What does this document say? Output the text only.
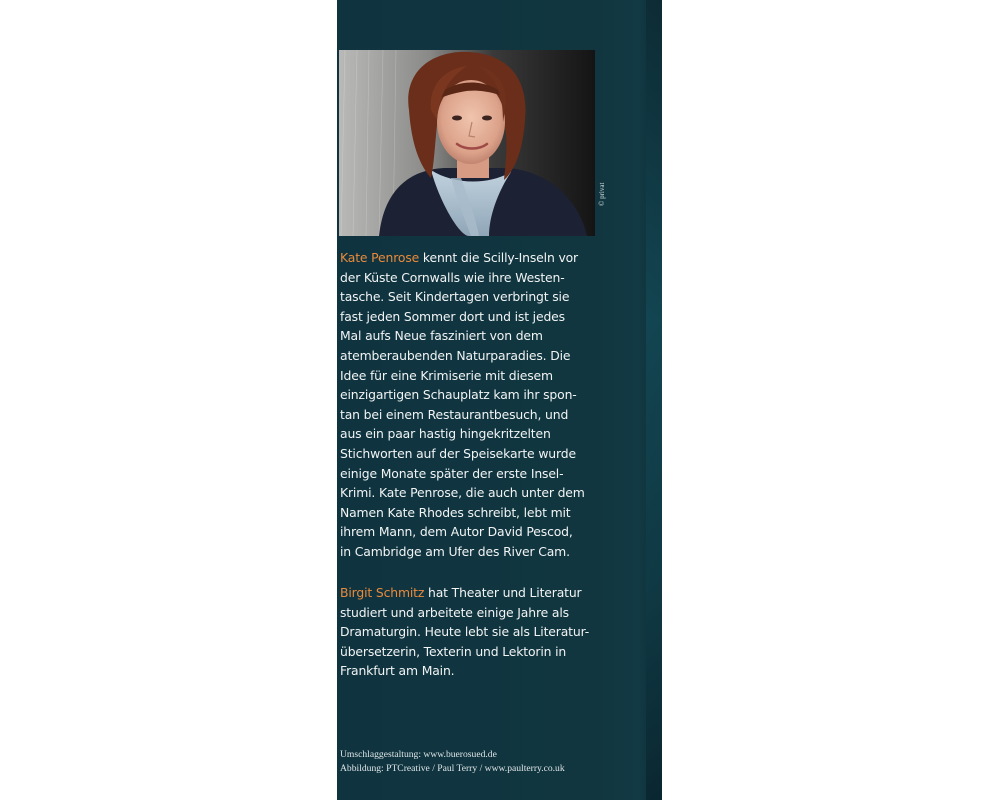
© privat
Kate Penrose kennt die Scilly-Inseln vor
der Küste Cornwalls wie ihre Westen-
tasche. Seit Kindertagen verbringt sie
fast jeden Sommer dort und ist jedes
Mal aufs Neue fasziniert von dem
atemberaubenden Naturparadies. Die
Idee für eine Krimiserie mit diesem
einzigartigen Schauplatz kam ihr spon-
tan bei einem Restaurantbesuch, und
aus ein paar hastig hingekritzelten
Stichworten auf der Speisekarte wurde
einige Monate später der erste Insel-
Krimi. Kate Penrose, die auch unter dem
Namen Kate Rhodes schreibt, lebt mit
ihrem Mann, dem Autor David Pescod,
in Cambridge am Ufer des River Cam.
Birgit Schmitz hat Theater und Literatur
studiert und arbeitete einige Jahre als
Dramaturgin. Heute lebt sie als Literatur-
übersetzerin, Texterin und Lektorin in
Frankfurt am Main.
Umschlaggestaltung: www.buerosued.de
Abbildung: PTCreative / Paul Terry / www.paulterry.co.uk
